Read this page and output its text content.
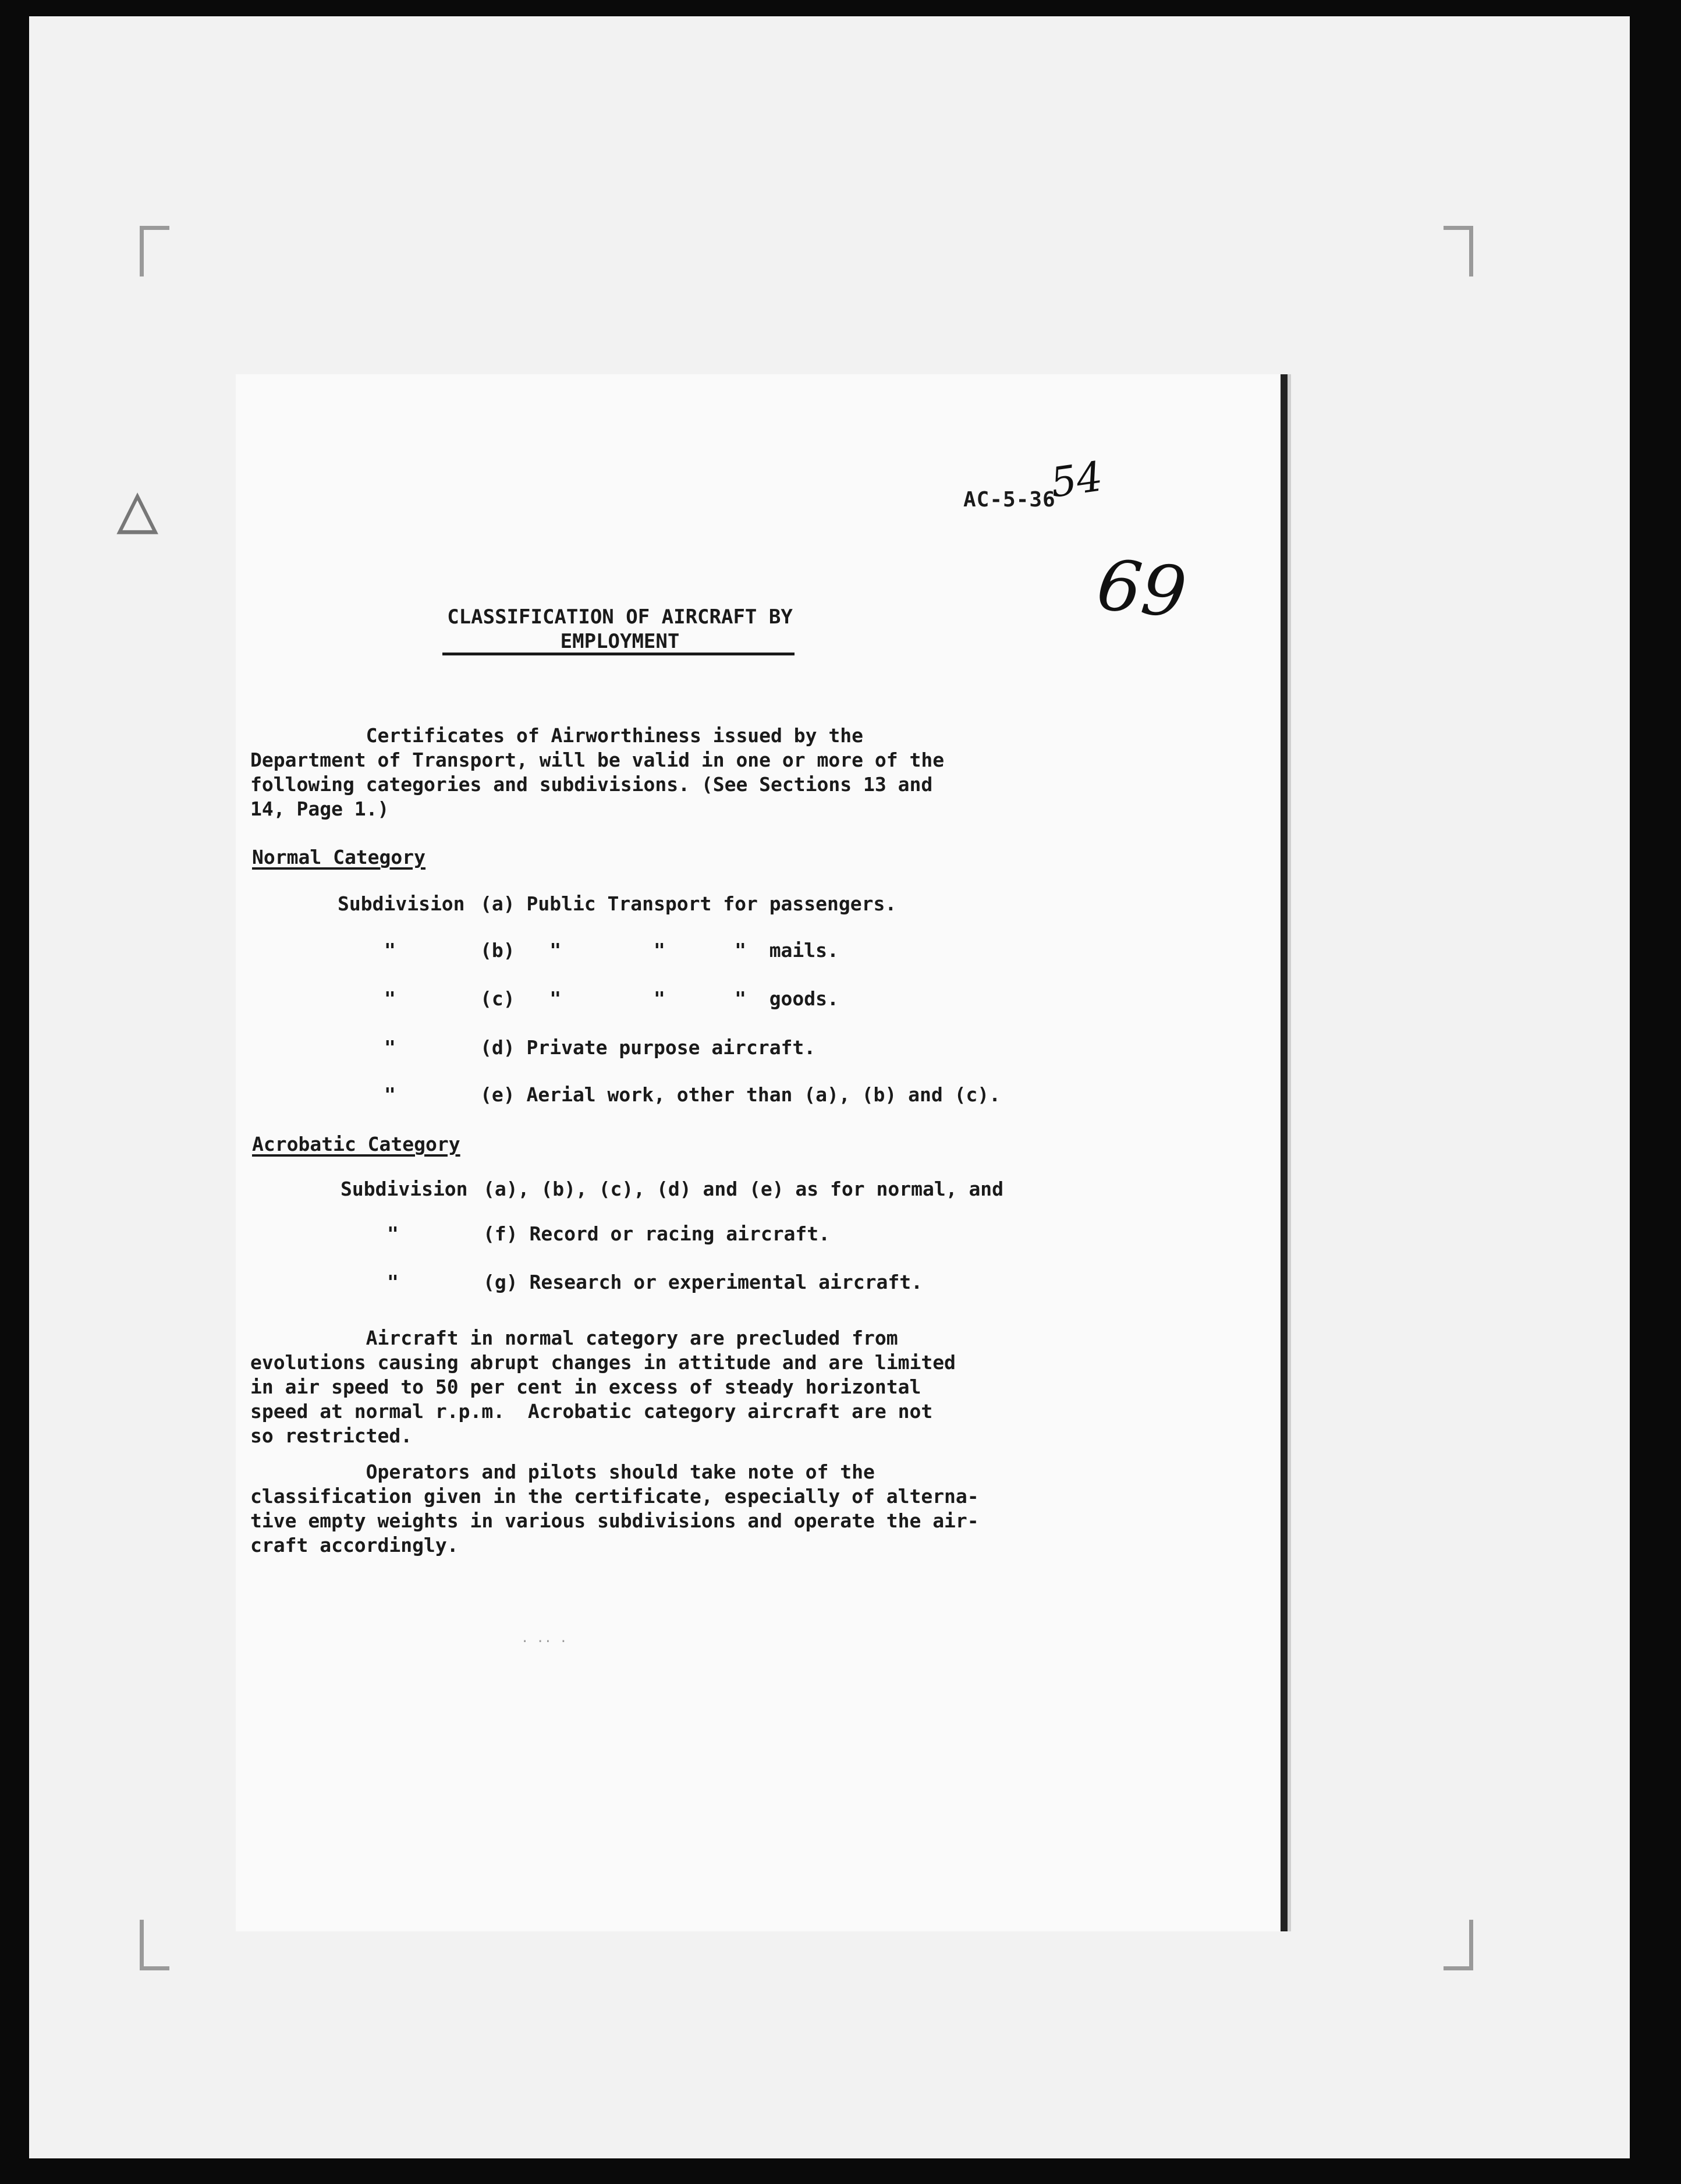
△	AC-5-36
54
69
CLASSIFICATION OF AIRCRAFT BY EMPLOYMENT
Certificates of Airworthiness issued by the
Department of Transport, will be valid in one or more of the
following categories and subdivisions. (See Sections 13 and
14, Page 1.)
Normal Category
Subdivision (a) Public Transport for passengers.
"	(b)   "        "      "  mails.
"	(c)   "        "      "  goods.
"	(d) Private purpose aircraft.
"	(e) Aerial work, other than (a), (b) and (c).
Acrobatic Category
Subdivision (a), (b), (c), (d) and (e) as for normal, and
"	(f) Record or racing aircraft.
"	(g) Research or experimental aircraft.
Aircraft in normal category are precluded from
evolutions causing abrupt changes in attitude and are limited
in air speed to 50 per cent in excess of steady horizontal
speed at normal r.p.m.  Acrobatic category aircraft are not
so restricted.
Operators and pilots should take note of the
classification given in the certificate, especially of alterna-
tive empty weights in various subdivisions and operate the air-
craft accordingly.
· ·· ·
